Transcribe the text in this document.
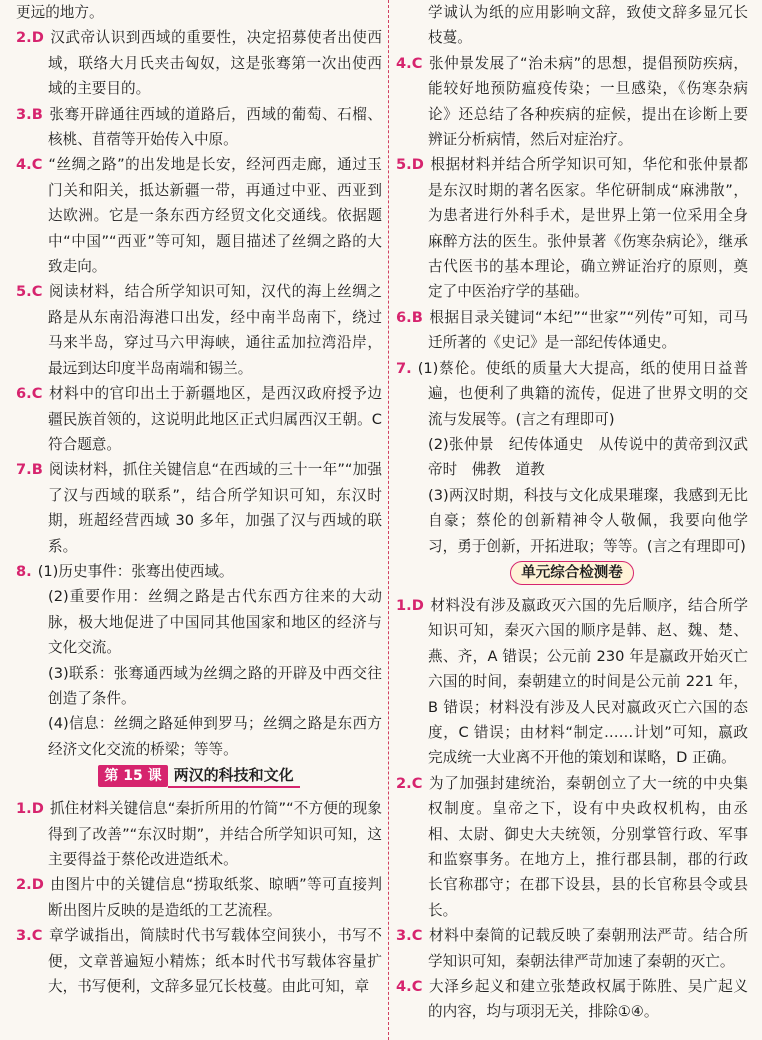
更远的地方。

2.D 汉武帝认识到西域的重要性，决定招募使者出使西域，联络大月氏夹击匈奴，这是张骞第一次出使西域的主要目的。

3.B 张骞开辟通往西域的道路后，西域的葡萄、石榴、核桃、苜蓿等开始传入中原。

4.C “丝绸之路”的出发地是长安，经河西走廊，通过玉门关和阳关，抵达新疆一带，再通过中亚、西亚到达欧洲。它是一条东西方经贸文化交通线。依据题中“中国”“西亚”等可知，题目描述了丝绸之路的大致走向。

5.C 阅读材料，结合所学知识可知，汉代的海上丝绸之路是从东南沿海港口出发，经中南半岛南下，绕过马来半岛，穿过马六甲海峡，通往孟加拉湾沿岸，最远到达印度半岛南端和锡兰。

6.C 材料中的官印出土于新疆地区，是西汉政府授予边疆民族首领的，这说明此地区正式归属西汉王朝。C 符合题意。

7.B 阅读材料，抓住关键信息“在西域的三十一年”“加强了汉与西域的联系”，结合所学知识可知，东汉时期，班超经营西域 30 多年，加强了汉与西域的联系。

8. (1)历史事件：张骞出使西域。

(2)重要作用：丝绸之路是古代东西方往来的大动脉，极大地促进了中国同其他国家和地区的经济与文化交流。

(3)联系：张骞通西域为丝绸之路的开辟及中西交往创造了条件。

(4)信息：丝绸之路延伸到罗马；丝绸之路是东西方经济文化交流的桥梁；等等。

第 15 课 两汉的科技和文化

1.D 抓住材料关键信息“秦折所用的竹简”“不方便的现象得到了改善”“东汉时期”，并结合所学知识可知，这主要得益于蔡伦改进造纸术。

2.D 由图片中的关键信息“捞取纸浆、晾晒”等可直接判断出图片反映的是造纸的工艺流程。

3.C 章学诚指出，简牍时代书写载体空间狭小，书写不便，文章普遍短小精炼；纸本时代书写载体容量扩大，书写便利，文辞多显冗长枝蔓。由此可知，章

学诚认为纸的应用影响文辞，致使文辞多显冗长枝蔓。

4.C 张仲景发展了“治未病”的思想，提倡预防疾病，能较好地预防瘟疫传染；一旦感染，《伤寒杂病论》还总结了各种疾病的症候，提出在诊断上要辨证分析病情，然后对症治疗。

5.D 根据材料并结合所学知识可知，华佗和张仲景都是东汉时期的著名医家。华佗研制成“麻沸散”，为患者进行外科手术，是世界上第一位采用全身麻醉方法的医生。张仲景著《伤寒杂病论》，继承古代医书的基本理论，确立辨证治疗的原则，奠定了中医治疗学的基础。

6.B 根据目录关键词“本纪”“世家”“列传”可知，司马迁所著的《史记》是一部纪传体通史。

7. (1)蔡伦。使纸的质量大大提高，纸的使用日益普遍，也便利了典籍的流传，促进了世界文明的交流与发展等。(言之有理即可)

(2)张仲景　纪传体通史　从传说中的黄帝到汉武帝时　佛教　道教

(3)两汉时期，科技与文化成果璀璨，我感到无比自豪；蔡伦的创新精神令人敬佩，我要向他学习，勇于创新，开拓进取；等等。(言之有理即可)

单元综合检测卷

1.D 材料没有涉及嬴政灭六国的先后顺序，结合所学知识可知，秦灭六国的顺序是韩、赵、魏、楚、燕、齐，A 错误；公元前 230 年是嬴政开始灭亡六国的时间，秦朝建立的时间是公元前 221 年，B 错误；材料没有涉及人民对嬴政灭亡六国的态度，C 错误；由材料“制定……计划”可知，嬴政完成统一大业离不开他的策划和谋略，D 正确。

2.C 为了加强封建统治，秦朝创立了大一统的中央集权制度。皇帝之下，设有中央政权机构，由丞相、太尉、御史大夫统领，分别掌管行政、军事和监察事务。在地方上，推行郡县制，郡的行政长官称郡守；在郡下设县，县的长官称县令或县长。

3.C 材料中秦简的记载反映了秦朝刑法严苛。结合所学知识可知，秦朝法律严苛加速了秦朝的灭亡。

4.C 大泽乡起义和建立张楚政权属于陈胜、吴广起义的内容，均与项羽无关，排除①④。
